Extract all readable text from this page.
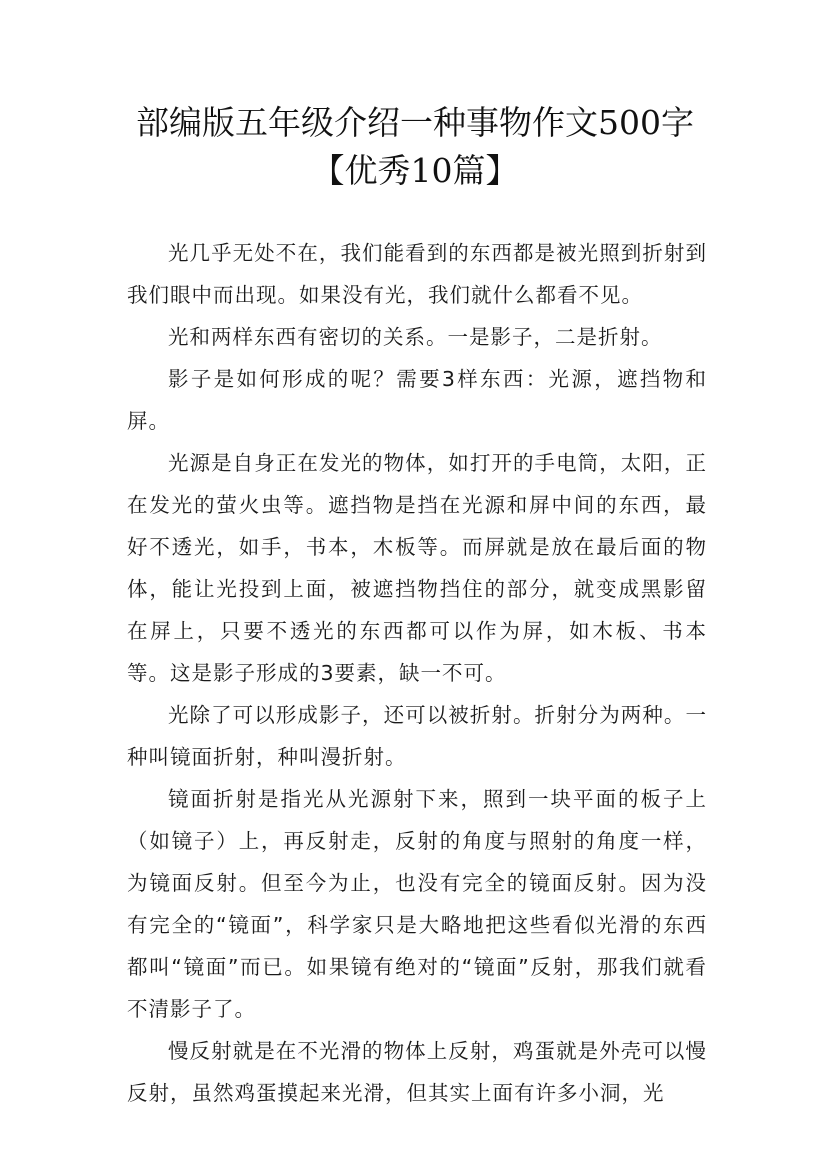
部编版五年级介绍一种事物作文500字【优秀10篇】

光几乎无处不在，我们能看到的东西都是被光照到折射到我们眼中而出现。如果没有光，我们就什么都看不见。

光和两样东西有密切的关系。一是影子，二是折射。

影子是如何形成的呢？需要3样东西：光源，遮挡物和屏。

光源是自身正在发光的物体，如打开的手电筒，太阳，正在发光的萤火虫等。遮挡物是挡在光源和屏中间的东西，最好不透光，如手，书本，木板等。而屏就是放在最后面的物体，能让光投到上面，被遮挡物挡住的部分，就变成黑影留在屏上，只要不透光的东西都可以作为屏，如木板、书本等。这是影子形成的3要素，缺一不可。

光除了可以形成影子，还可以被折射。折射分为两种。一种叫镜面折射，种叫漫折射。

镜面折射是指光从光源射下来，照到一块平面的板子上（如镜子）上，再反射走，反射的角度与照射的角度一样，为镜面反射。但至今为止，也没有完全的镜面反射。因为没有完全的“镜面”，科学家只是大略地把这些看似光滑的东西都叫“镜面”而已。如果镜有绝对的“镜面”反射，那我们就看不清影子了。

慢反射就是在不光滑的物体上反射，鸡蛋就是外壳可以慢反射，虽然鸡蛋摸起来光滑，但其实上面有许多小洞，光
